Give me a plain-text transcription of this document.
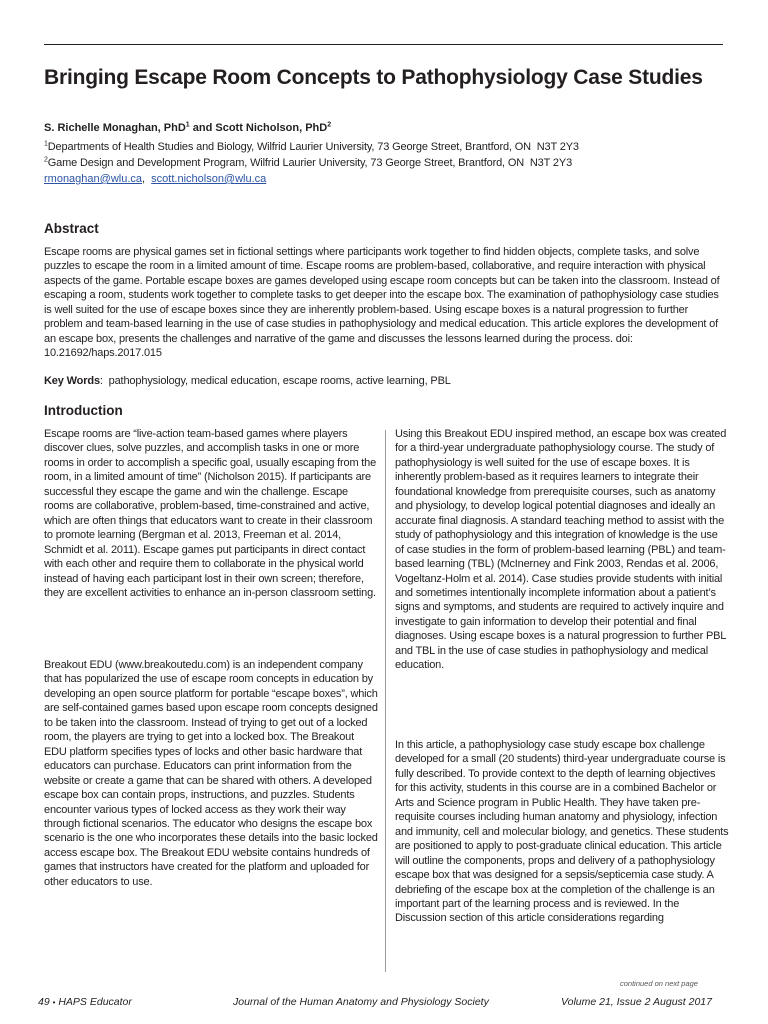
Bringing Escape Room Concepts to Pathophysiology Case Studies
S. Richelle Monaghan, PhD$^1$ and Scott Nicholson, PhD$^2$
$^1$Departments of Health Studies and Biology, Wilfrid Laurier University, 73 George Street, Brantford, ON  N3T 2Y3
$^2$Game Design and Development Program, Wilfrid Laurier University, 73 George Street, Brantford, ON  N3T 2Y3
rmonaghan@wlu.ca,  scott.nicholson@wlu.ca
Abstract

Escape rooms are physical games set in fictional settings where participants work together to find hidden objects, complete tasks, and solve puzzles to escape the room in a limited amount of time. Escape rooms are problem-based, collaborative, and require interaction with physical aspects of the game. Portable escape boxes are games developed using escape room concepts but can be taken into the classroom. Instead of escaping a room, students work together to complete tasks to get deeper into the escape box. The examination of pathophysiology case studies is well suited for the use of escape boxes since they are inherently problem-based. Using escape boxes is a natural progression to further problem and team-based learning in the use of case studies in pathophysiology and medical education. This article explores the development of an escape box, presents the challenges and narrative of the game and discusses the lessons learned during the process. doi: 10.21692/haps.2017.015

Key Words:  pathophysiology, medical education, escape rooms, active learning, PBL
Introduction

Escape rooms are “live-action team-based games where players discover clues, solve puzzles, and accomplish tasks in one or more rooms in order to accomplish a specific goal, usually escaping from the room, in a limited amount of time” (Nicholson 2015). If participants are successful they escape the game and win the challenge. Escape rooms are collaborative, problem-based, time-constrained and active, which are often things that educators want to create in their classroom to promote learning (Bergman et al. 2013, Freeman et al. 2014, Schmidt et al. 2011). Escape games put participants in direct contact with each other and require them to collaborate in the physical world instead of having each participant lost in their own screen; therefore, they are excellent activities to enhance an in-person classroom setting.

Breakout EDU (www.breakoutedu.com) is an independent company that has popularized the use of escape room concepts in education by developing an open source platform for portable “escape boxes”, which are self-contained games based upon escape room concepts designed to be taken into the classroom. Instead of trying to get out of a locked room, the players are trying to get into a locked box. The Breakout EDU platform specifies types of locks and other basic hardware that educators can purchase. Educators can print information from the website or create a game that can be shared with others. A developed escape box can contain props, instructions, and puzzles. Students encounter various types of locked access as they work their way through fictional scenarios. The educator who designs the escape box scenario is the one who incorporates these details into the basic locked access escape box. The Breakout EDU website contains hundreds of games that instructors have created for the platform and uploaded for other educators to use.

Using this Breakout EDU inspired method, an escape box was created for a third-year undergraduate pathophysiology course. The study of pathophysiology is well suited for the use of escape boxes. It is inherently problem-based as it requires learners to integrate their foundational knowledge from prerequisite courses, such as anatomy and physiology, to develop logical potential diagnoses and ideally an accurate final diagnosis. A standard teaching method to assist with the study of pathophysiology and this integration of knowledge is the use of case studies in the form of problem-based learning (PBL) and team-based learning (TBL) (McInerney and Fink 2003, Rendas et al. 2006, Vogeltanz-Holm et al. 2014). Case studies provide students with initial and sometimes intentionally incomplete information about a patient’s signs and symptoms, and students are required to actively inquire and investigate to gain information to develop their potential and final diagnoses. Using escape boxes is a natural progression to further PBL and TBL in the use of case studies in pathophysiology and medical education.

In this article, a pathophysiology case study escape box challenge developed for a small (20 students) third-year undergraduate course is fully described. To provide context to the depth of learning objectives for this activity, students in this course are in a combined Bachelor or Arts and Science program in Public Health. They have taken pre-requisite courses including human anatomy and physiology, infection and immunity, cell and molecular biology, and genetics. These students are positioned to apply to post-graduate clinical education. This article will outline the components, props and delivery of a pathophysiology escape box that was designed for a sepsis/septicemia case study. A debriefing of the escape box at the completion of the challenge is an important part of the learning process and is reviewed. In the Discussion section of this article considerations regarding

continued on next page
49 • HAPS Educator	Journal of the Human Anatomy and Physiology Society	Volume 21, Issue 2 August 2017
